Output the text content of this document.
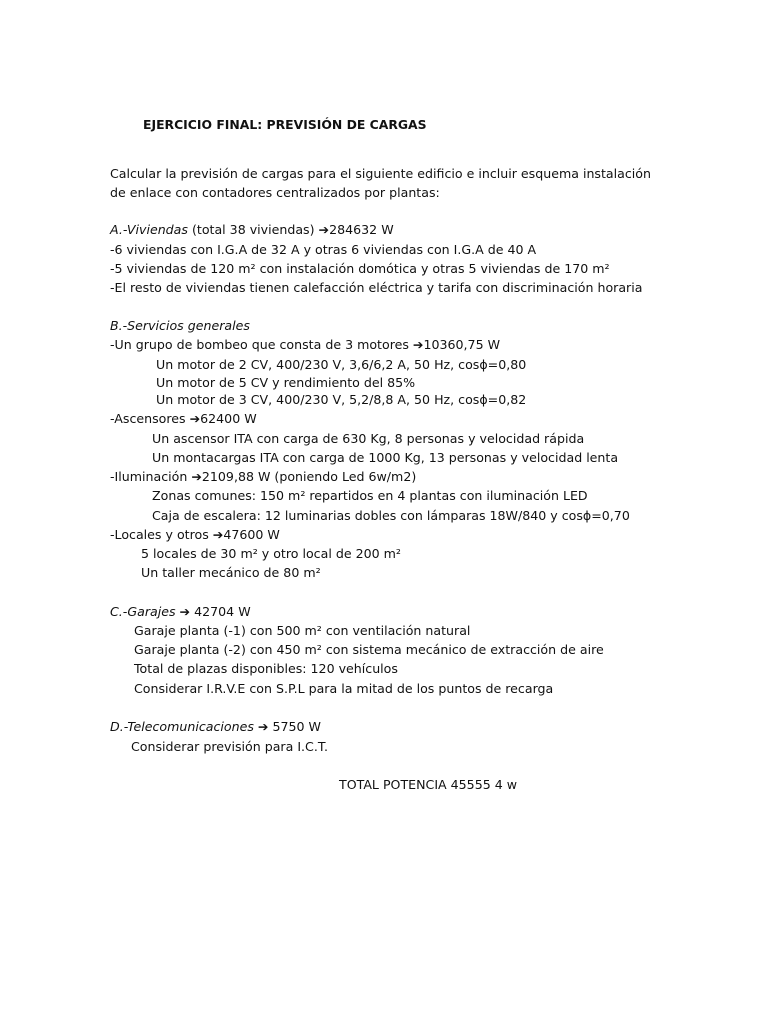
EJERCICIO FINAL: PREVISIÓN DE CARGAS
Calcular la previsión de cargas para el siguiente edificio e incluir esquema instalación
de enlace con contadores centralizados por plantas:
A.-Viviendas (total 38 viviendas) ➔284632 W
-6 viviendas con I.G.A de 32 A y otras 6 viviendas con I.G.A de 40 A
-5 viviendas de 120 m² con instalación domótica y otras 5 viviendas de 170 m²
-El resto de viviendas tienen calefacción eléctrica y tarifa con discriminación horaria
B.-Servicios generales
-Un grupo de bombeo que consta de 3 motores ➔10360,75 W
Un motor de 2 CV, 400/230 V, 3,6/6,2 A, 50 Hz, cosɸ=0,80
Un motor de 5 CV y rendimiento del 85%
Un motor de 3 CV, 400/230 V, 5,2/8,8 A, 50 Hz, cosɸ=0,82
-Ascensores ➔62400 W
Un ascensor ITA con carga de 630 Kg, 8 personas y velocidad rápida
Un montacargas ITA con carga de 1000 Kg, 13 personas y velocidad lenta
-Iluminación ➔2109,88 W (poniendo Led 6w/m2)
Zonas comunes: 150 m² repartidos en 4 plantas con iluminación LED
Caja de escalera: 12 luminarias dobles con lámparas 18W/840 y cosɸ=0,70
-Locales y otros ➔47600 W
5 locales de 30 m² y otro local de 200 m²
Un taller mecánico de 80 m²
C.-Garajes ➔ 42704 W
Garaje planta (-1) con 500 m² con ventilación natural
Garaje planta (-2) con 450 m² con sistema mecánico de extracción de aire
Total de plazas disponibles: 120 vehículos
Considerar I.R.V.E con S.P.L para la mitad de los puntos de recarga
D.-Telecomunicaciones ➔ 5750 W
Considerar previsión para I.C.T.
TOTAL POTENCIA 45555 4 w
